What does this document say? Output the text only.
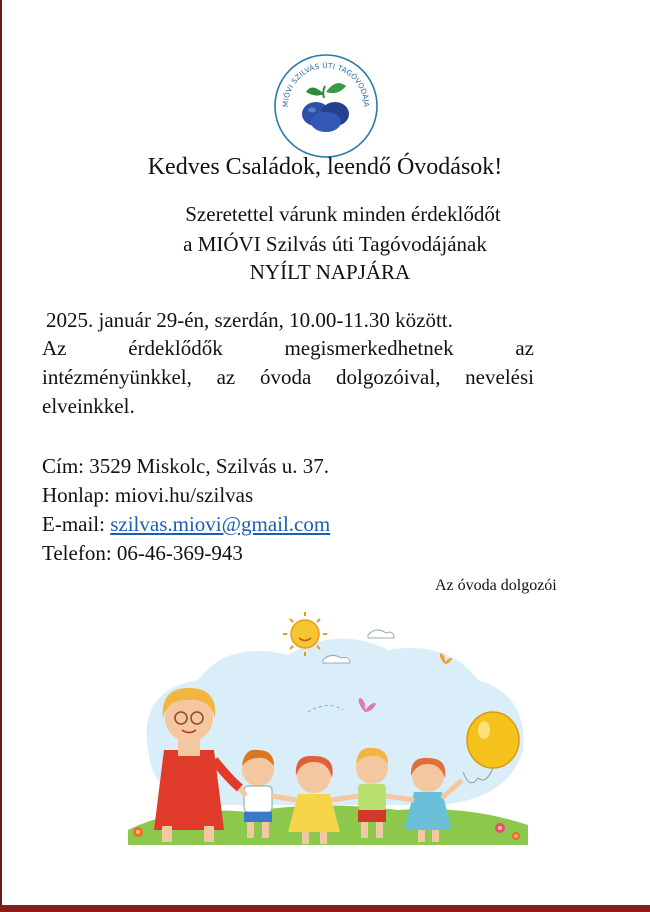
MIÓVI SZILVÁS ÚTI TAGÓVODÁJA
Kedves Családok, leendő Óvodások!
Szeretettel várunk minden érdeklődőt
a MIÓVI Szilvás úti Tagóvodájának
NYÍLT NAPJÁRA
2025. január 29-én, szerdán, 10.00-11.30 között.
Az érdeklődők megismerkedhetnek az
intézményünkkel, az óvoda dolgozóival, nevelési
elveinkkel.
Cím: 3529 Miskolc, Szilvás u. 37.
Honlap: miovi.hu/szilvas
E-mail: szilvas.miovi@gmail.com
Telefon: 06-46-369-943
Az óvoda dolgozói
